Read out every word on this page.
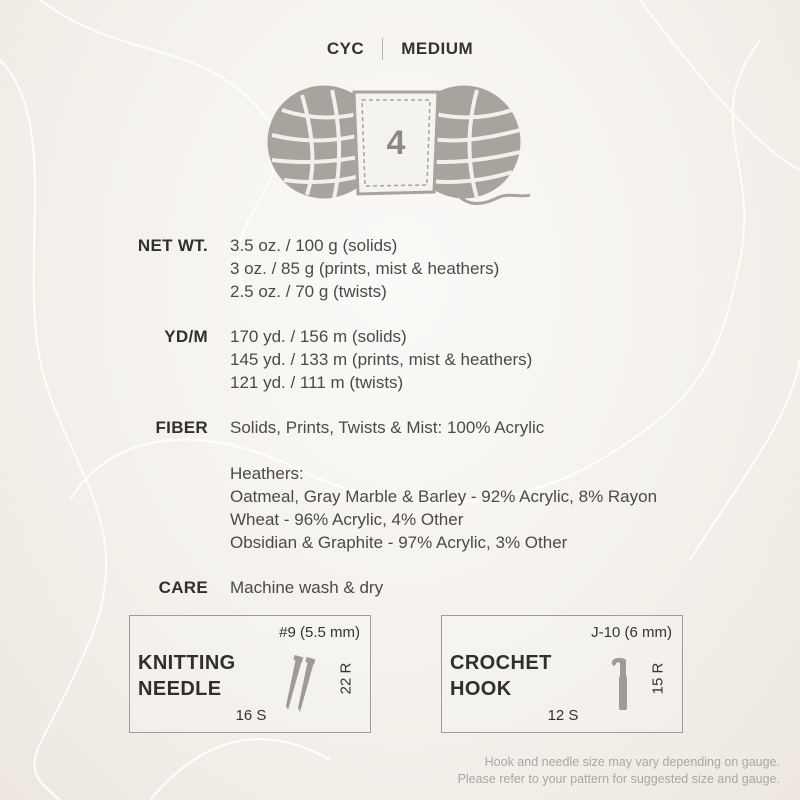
CYC MEDIUM
4
NET WT. 3.5 oz. / 100 g (solids)
3 oz. / 85 g (prints, mist & heathers)
2.5 oz. / 70 g (twists)
YD/M 170 yd. / 156 m (solids)
145 yd. / 133 m (prints, mist & heathers)
121 yd. / 111 m (twists)
FIBER Solids, Prints, Twists & Mist: 100% Acrylic
Heathers:
Oatmeal, Gray Marble & Barley - 92% Acrylic, 8% Rayon
Wheat - 96% Acrylic, 4% Other
Obsidian & Graphite - 97% Acrylic, 3% Other
CARE Machine wash & dry
#9 (5.5 mm)
KNITTING
NEEDLE	22 R
16 S
J-10 (6 mm)
CROCHET
HOOK	15 R
12 S
Hook and needle size may vary depending on gauge.
Please refer to your pattern for suggested size and gauge.
